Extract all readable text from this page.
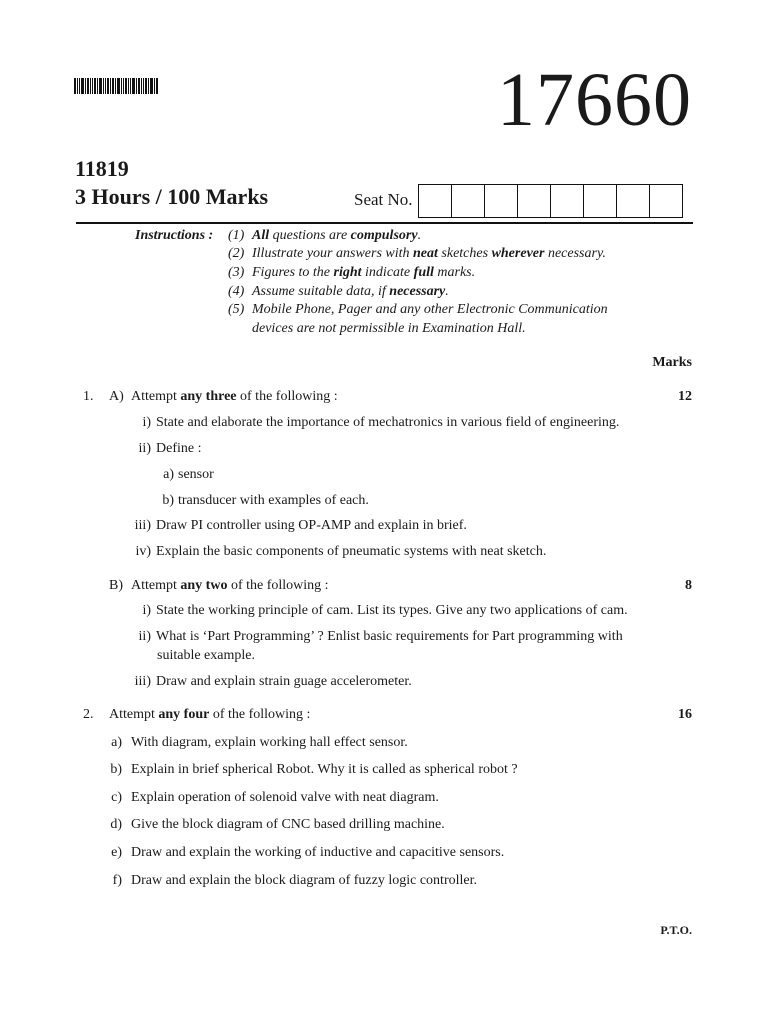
17660
11819
3 Hours / 100 Marks	Seat No.
Instructions : (1) All questions are compulsory.
(2) Illustrate your answers with neat sketches wherever necessary.
(3) Figures to the right indicate full marks.
(4) Assume suitable data, if necessary.
(5) Mobile Phone, Pager and any other Electronic Communication
devices are not permissible in Examination Hall.
Marks
1. A) Attempt any three of the following :	12
i) State and elaborate the importance of mechatronics in various field of engineering.
ii) Define :
a) sensor
b) transducer with examples of each.
iii) Draw PI controller using OP-AMP and explain in brief.
iv) Explain the basic components of pneumatic systems with neat sketch.
B) Attempt any two of the following :	8
i) State the working principle of cam. List its types. Give any two applications of cam.
ii) What is ‘Part Programming’ ? Enlist basic requirements for Part programming with
suitable example.
iii) Draw and explain strain guage accelerometer.
2. Attempt any four of the following :	16
a) With diagram, explain working hall effect sensor.
b) Explain in brief spherical Robot. Why it is called as spherical robot ?
c) Explain operation of solenoid valve with neat diagram.
d) Give the block diagram of CNC based drilling machine.
e) Draw and explain the working of inductive and capacitive sensors.
f) Draw and explain the block diagram of fuzzy logic controller.
P.T.O.
